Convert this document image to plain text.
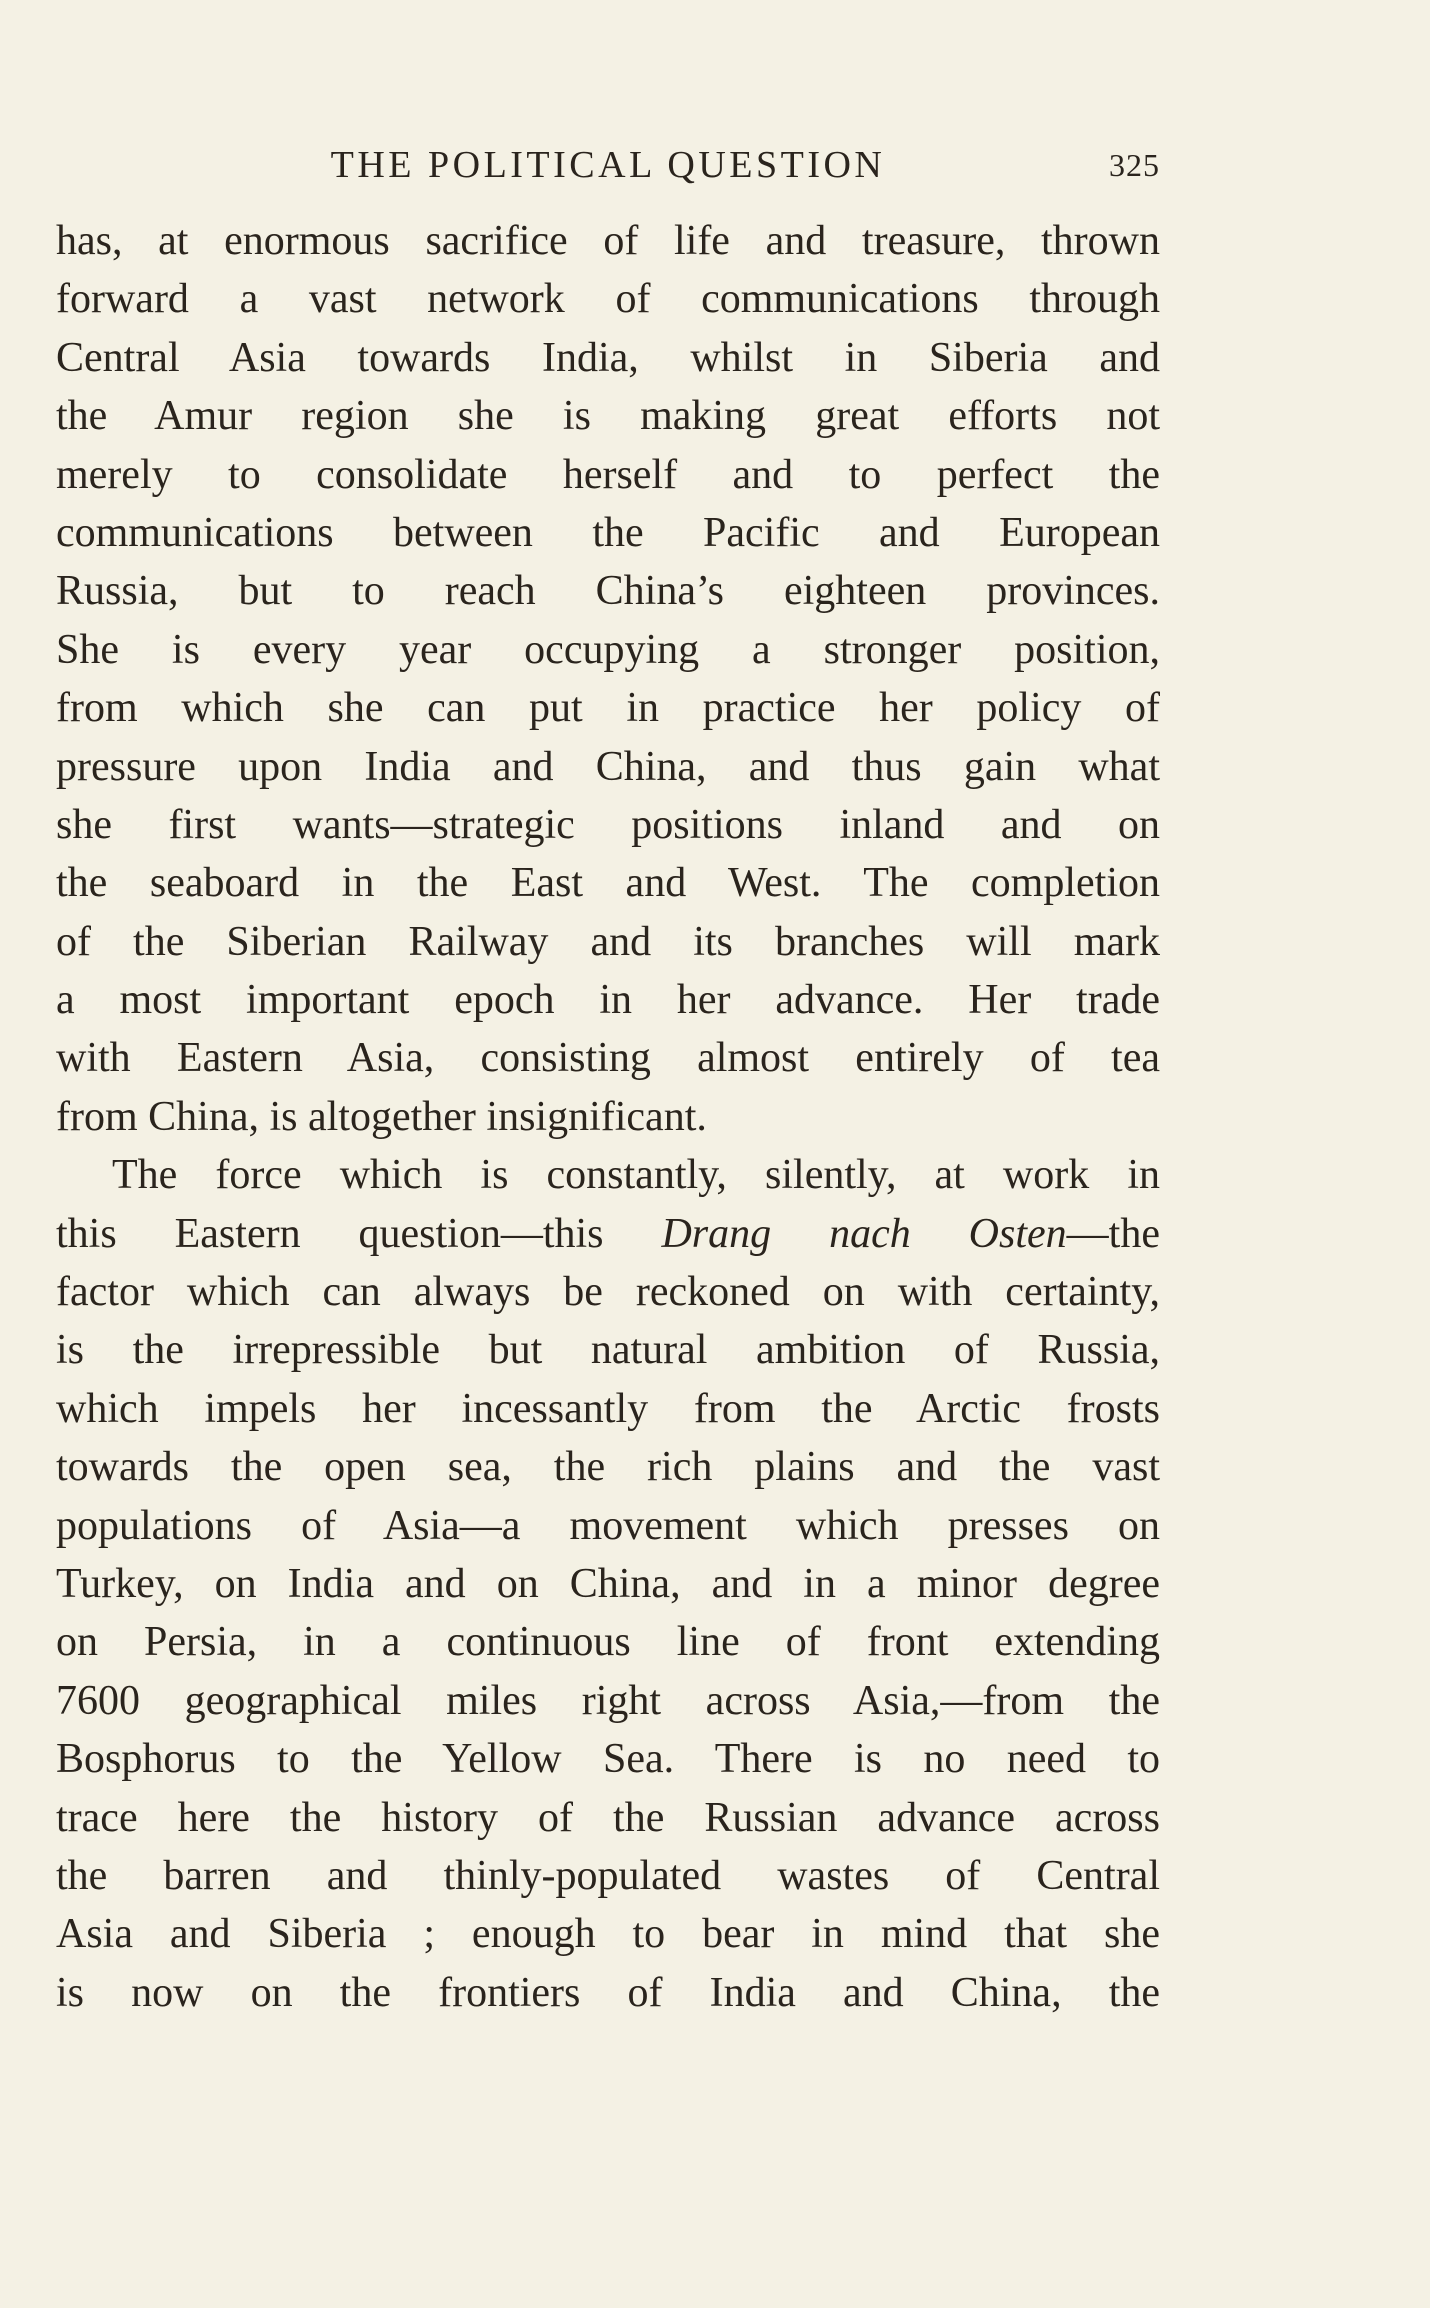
THE POLITICAL QUESTION	325
has, at enormous sacrifice of life and treasure, thrown
forward a vast network of communications through
Central Asia towards India, whilst in Siberia and
the Amur region she is making great efforts not
merely to consolidate herself and to perfect the
communications between the Pacific and European
Russia, but to reach China’s eighteen provinces.
She is every year occupying a stronger position,
from which she can put in practice her policy of
pressure upon India and China, and thus gain what
she first wants—strategic positions inland and on
the seaboard in the East and West. The completion
of the Siberian Railway and its branches will mark
a most important epoch in her advance. Her trade
with Eastern Asia, consisting almost entirely of tea
from China, is altogether insignificant.
The force which is constantly, silently, at work in
this Eastern question—this Drang nach Osten—the
factor which can always be reckoned on with certainty,
is the irrepressible but natural ambition of Russia,
which impels her incessantly from the Arctic frosts
towards the open sea, the rich plains and the vast
populations of Asia—a movement which presses on
Turkey, on India and on China, and in a minor degree
on Persia, in a continuous line of front extending
7600 geographical miles right across Asia,—from the
Bosphorus to the Yellow Sea. There is no need to
trace here the history of the Russian advance across
the barren and thinly-populated wastes of Central
Asia and Siberia ; enough to bear in mind that she
is now on the frontiers of India and China, the
